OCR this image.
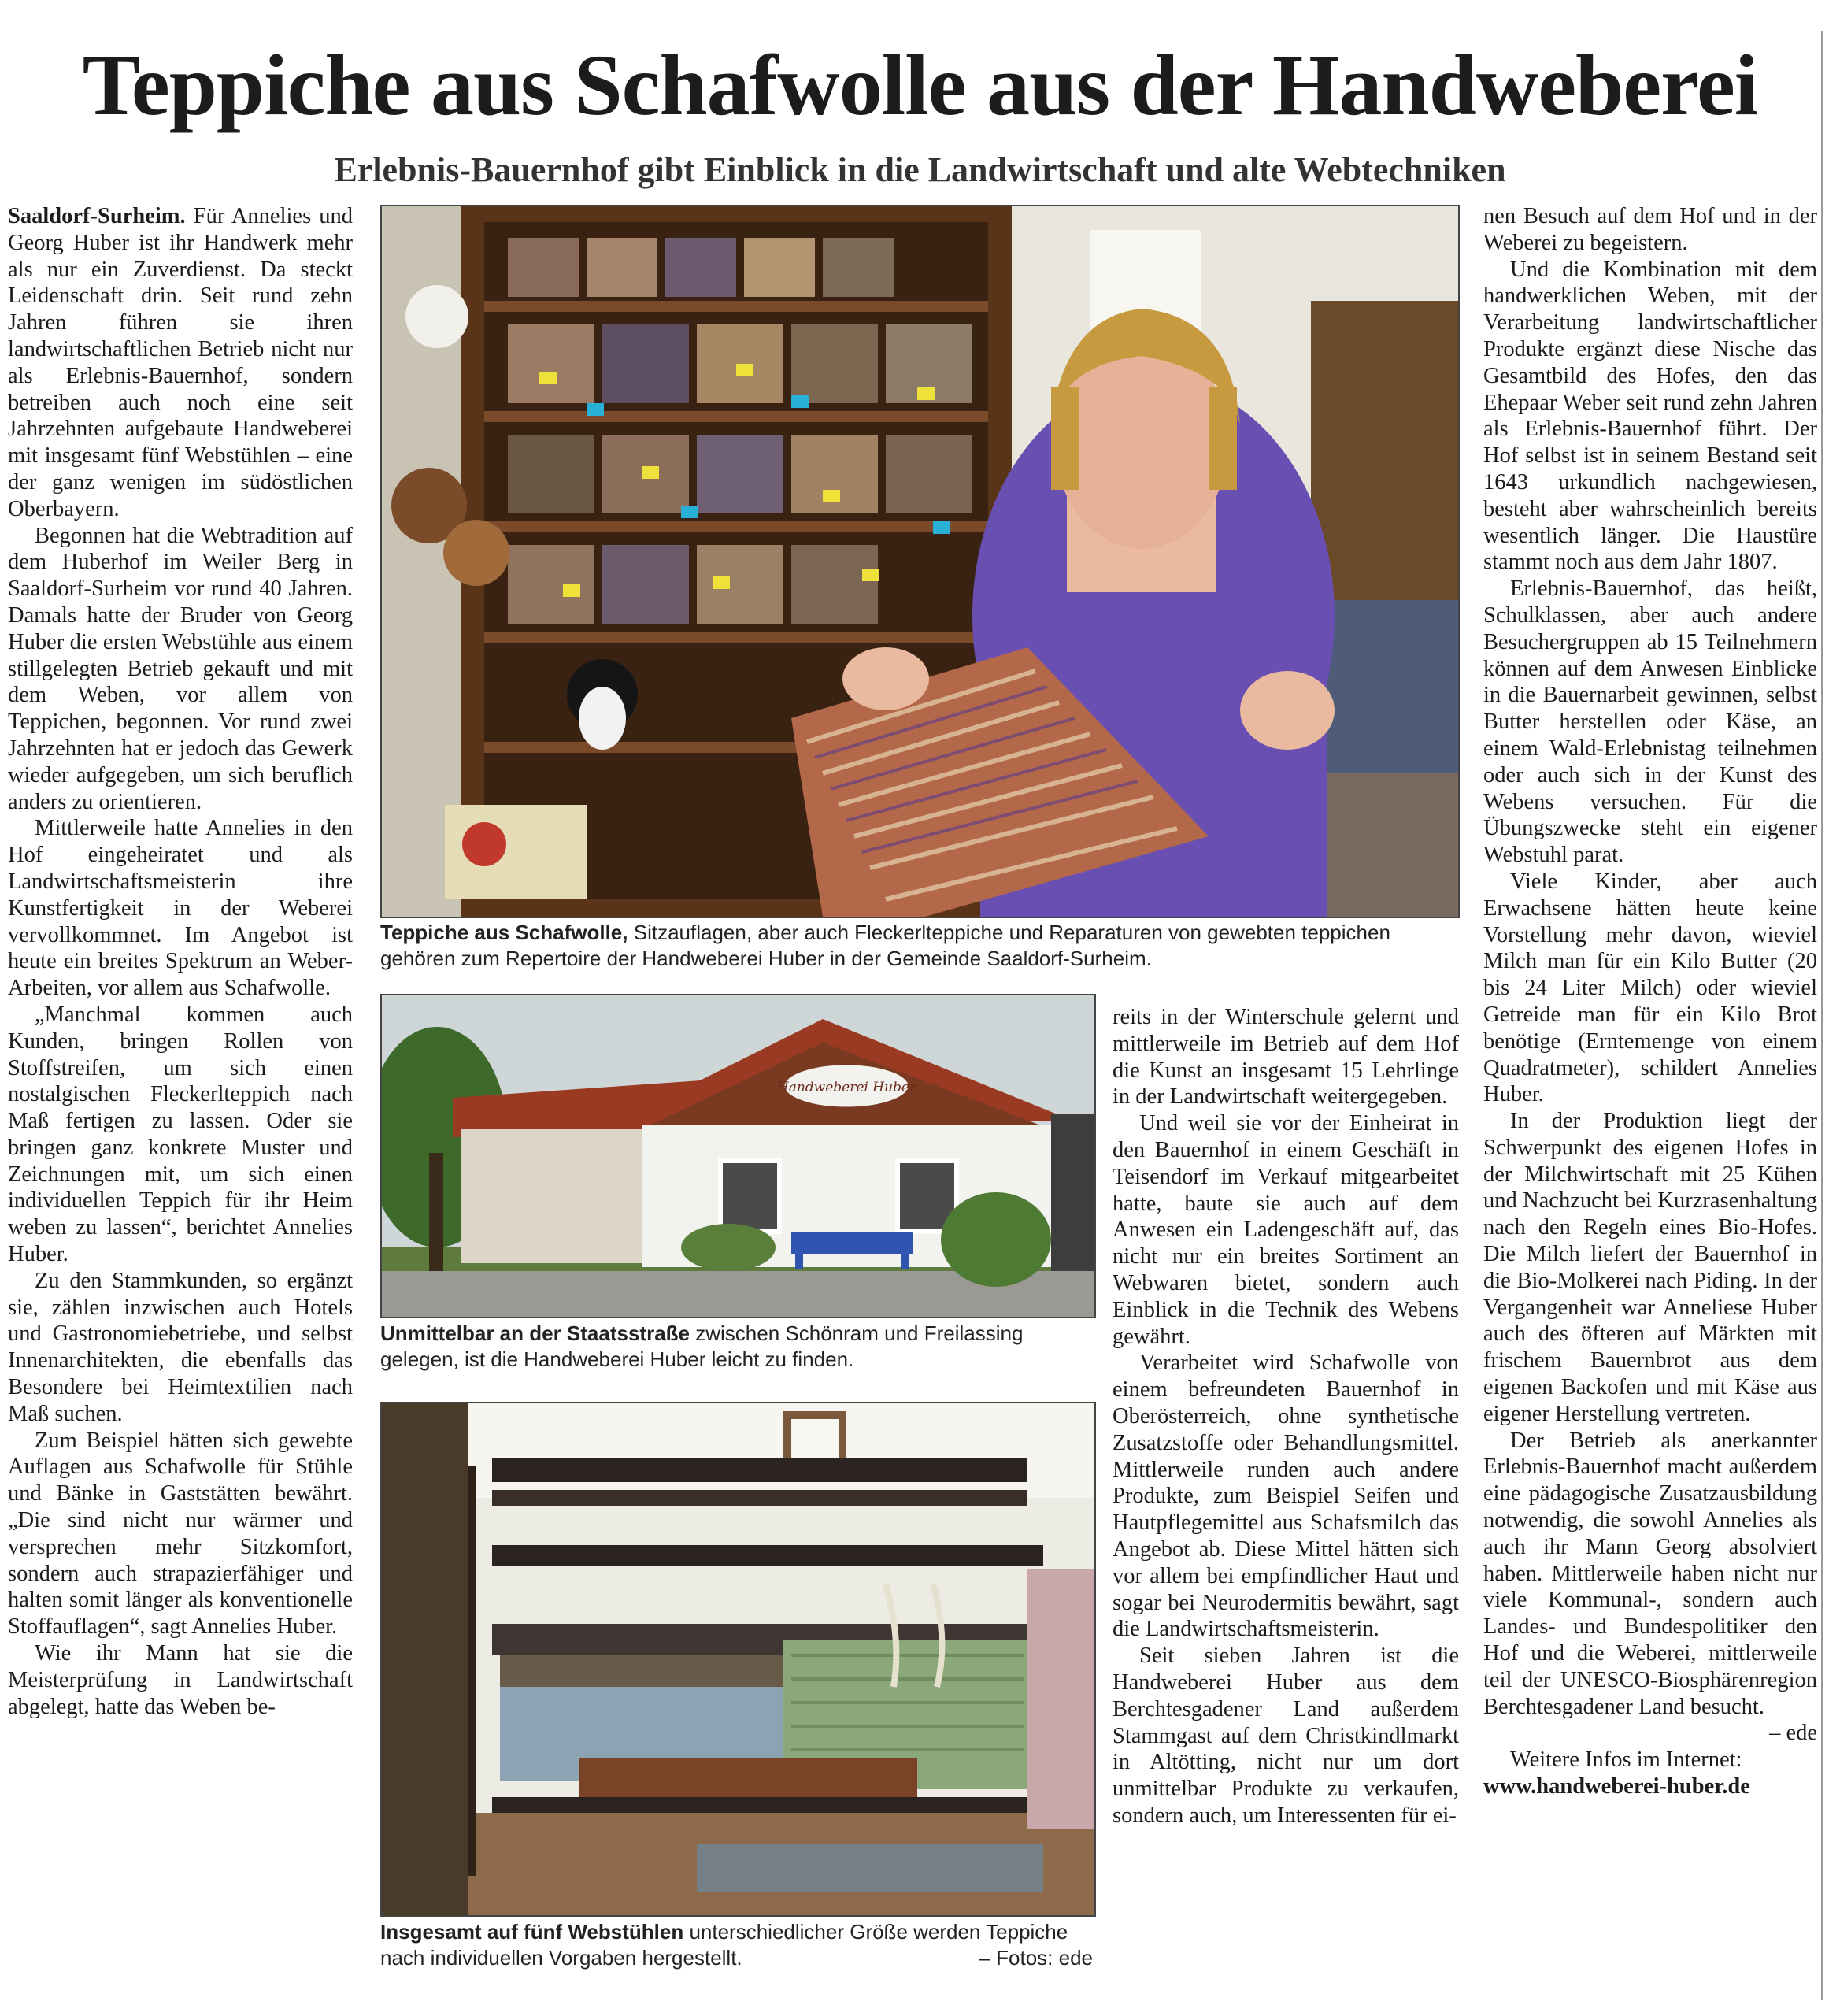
Teppiche aus Schafwolle aus der Handweberei
Erlebnis-Bauernhof gibt Einblick in die Landwirtschaft und alte Webtechniken

Saaldorf-Surheim. Für Annelies und Georg Huber ist ihr Handwerk mehr als nur ein Zuverdienst. Da steckt Leidenschaft drin. Seit rund zehn Jahren führen sie ihren landwirtschaftlichen Betrieb nicht nur als Erlebnis-Bauernhof, sondern betreiben auch noch eine seit Jahrzehnten aufgebaute Handweberei mit insgesamt fünf Webstühlen – eine der ganz wenigen im südöstlichen Oberbayern.

Begonnen hat die Webtradition auf dem Huberhof im Weiler Berg in Saaldorf-Surheim vor rund 40 Jahren. Damals hatte der Bruder von Georg Huber die ersten Webstühle aus einem stillgelegten Betrieb gekauft und mit dem Weben, vor allem von Teppichen, begonnen. Vor rund zwei Jahrzehnten hat er jedoch das Gewerk wieder aufgegeben, um sich beruflich anders zu orientieren.

Mittlerweile hatte Annelies in den Hof eingeheiratet und als Landwirtschaftsmeisterin ihre Kunstfertigkeit in der Weberei vervollkommnet. Im Angebot ist heute ein breites Spektrum an Weber-Arbeiten, vor allem aus Schafwolle.

„Manchmal kommen auch Kunden, bringen Rollen von Stoffstreifen, um sich einen nostalgischen Fleckerlteppich nach Maß fertigen zu lassen. Oder sie bringen ganz konkrete Muster und Zeichnungen mit, um sich einen individuellen Teppich für ihr Heim weben zu lassen“, berichtet Annelies Huber.

Zu den Stammkunden, so ergänzt sie, zählen inzwischen auch Hotels und Gastronomiebetriebe, und selbst Innenarchitekten, die ebenfalls das Besondere bei Heimtextilien nach Maß suchen.

Zum Beispiel hätten sich gewebte Auflagen aus Schafwolle für Stühle und Bänke in Gaststätten bewährt. „Die sind nicht nur wärmer und versprechen mehr Sitzkomfort, sondern auch strapazierfähiger und halten somit länger als konventionelle Stoffauflagen“, sagt Annelies Huber.

Wie ihr Mann hat sie die Meisterprüfung in Landwirtschaft abgelegt, hatte das Weben be-

Teppiche aus Schafwolle, Sitzauflagen, aber auch Fleckerlteppiche und Reparaturen von gewebten teppichen gehören zum Repertoire der Handweberei Huber in der Gemeinde Saaldorf-Surheim.
Handweberei Huber
Unmittelbar an der Staatsstraße zwischen Schönram und Freilassing gelegen, ist die Handweberei Huber leicht zu finden.
Insgesamt auf fünf Webstühlen unterschiedlicher Größe werden Teppiche nach individuellen Vorgaben hergestellt.	– Fotos: ede

reits in der Winterschule gelernt und mittlerweile im Betrieb auf dem Hof die Kunst an insgesamt 15 Lehrlinge in der Landwirtschaft weitergegeben.

Und weil sie vor der Einheirat in den Bauernhof in einem Geschäft in Teisendorf im Verkauf mitgearbeitet hatte, baute sie auch auf dem Anwesen ein Ladengeschäft auf, das nicht nur ein breites Sortiment an Webwaren bietet, sondern auch Einblick in die Technik des Webens gewährt.

Verarbeitet wird Schafwolle von einem befreundeten Bauernhof in Oberösterreich, ohne synthetische Zusatzstoffe oder Behandlungsmittel. Mittlerweile runden auch andere Produkte, zum Beispiel Seifen und Hautpflegemittel aus Schafsmilch das Angebot ab. Diese Mittel hätten sich vor allem bei empfindlicher Haut und sogar bei Neurodermitis bewährt, sagt die Landwirtschaftsmeisterin.

Seit sieben Jahren ist die Handweberei Huber aus dem Berchtesgadener Land außerdem Stammgast auf dem Christkindlmarkt in Altötting, nicht nur um dort unmittelbar Produkte zu verkaufen, sondern auch, um Interessenten für ei-

nen Besuch auf dem Hof und in der Weberei zu begeistern.

Und die Kombination mit dem handwerklichen Weben, mit der Verarbeitung landwirtschaftlicher Produkte ergänzt diese Nische das Gesamtbild des Hofes, den das Ehepaar Weber seit rund zehn Jahren als Erlebnis-Bauernhof führt. Der Hof selbst ist in seinem Bestand seit 1643 urkundlich nachgewiesen, besteht aber wahrscheinlich bereits wesentlich länger. Die Haustüre stammt noch aus dem Jahr 1807.

Erlebnis-Bauernhof, das heißt, Schulklassen, aber auch andere Besuchergruppen ab 15 Teilnehmern können auf dem Anwesen Einblicke in die Bauernarbeit gewinnen, selbst Butter herstellen oder Käse, an einem Wald-Erlebnistag teilnehmen oder auch sich in der Kunst des Webens versuchen. Für die Übungszwecke steht ein eigener Webstuhl parat.

Viele Kinder, aber auch Erwachsene hätten heute keine Vorstellung mehr davon, wieviel Milch man für ein Kilo Butter (20 bis 24 Liter Milch) oder wieviel Getreide man für ein Kilo Brot benötige (Erntemenge von einem Quadratmeter), schildert Annelies Huber.

In der Produktion liegt der Schwerpunkt des eigenen Hofes in der Milchwirtschaft mit 25 Kühen und Nachzucht bei Kurzrasenhaltung nach den Regeln eines Bio-Hofes. Die Milch liefert der Bauernhof in die Bio-Molkerei nach Piding. In der Vergangenheit war Anneliese Huber auch des öfteren auf Märkten mit frischem Bauernbrot aus dem eigenen Backofen und mit Käse aus eigener Herstellung vertreten.

Der Betrieb als anerkannter Erlebnis-Bauernhof macht außerdem eine pädagogische Zusatzausbildung notwendig, die sowohl Annelies als auch ihr Mann Georg absolviert haben. Mittlerweile haben nicht nur viele Kommunal-, sondern auch Landes- und Bundespolitiker den Hof und die Weberei, mittlerweile teil der UNESCO-Biosphärenregion Berchtesgadener Land besucht.

– ede

Weitere Infos im Internet:

www.handweberei-huber.de
